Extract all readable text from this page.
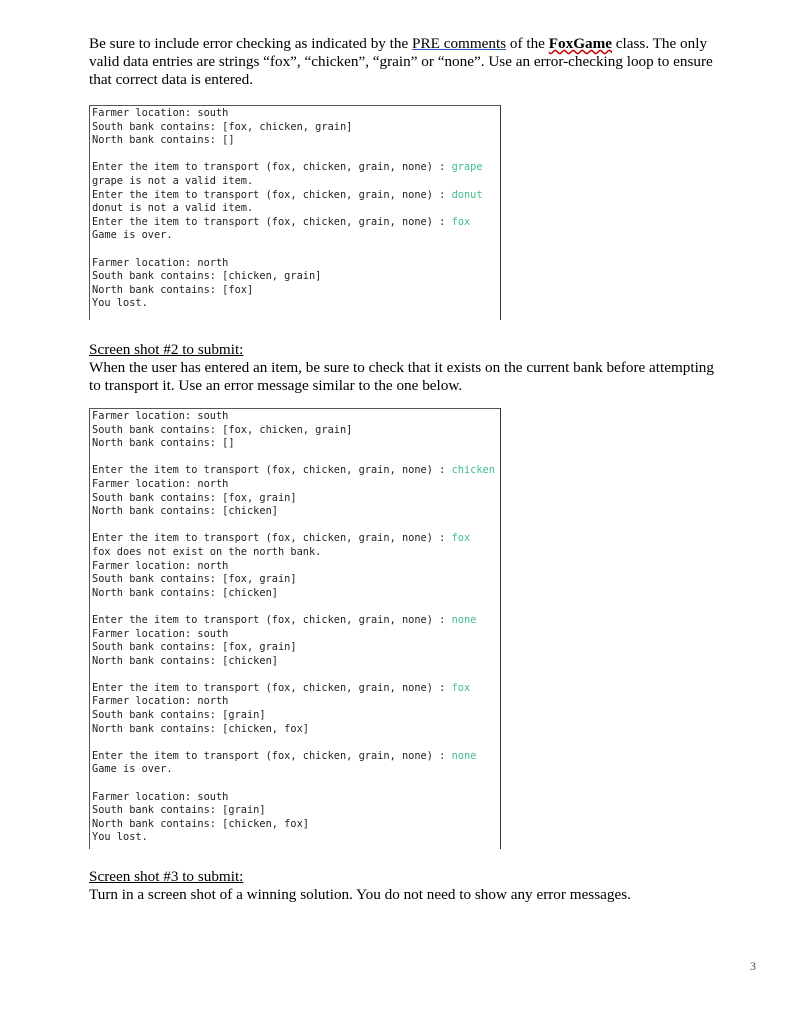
Be sure to include error checking as indicated by the PRE comments of the FoxGame class. The only
valid data entries are strings “fox”, “chicken”, “grain” or “none”. Use an error-checking loop to ensure
that correct data is entered.
Farmer location: south
South bank contains: [fox, chicken, grain]
North bank contains: []
Enter the item to transport (fox, chicken, grain, none) : grape
grape is not a valid item.
Enter the item to transport (fox, chicken, grain, none) : donut
donut is not a valid item.
Enter the item to transport (fox, chicken, grain, none) : fox
Game is over.
Farmer location: north
South bank contains: [chicken, grain]
North bank contains: [fox]
You lost.
Screen shot #2 to submit:
When the user has entered an item, be sure to check that it exists on the current bank before attempting
to transport it. Use an error message similar to the one below.
Farmer location: south
South bank contains: [fox, chicken, grain]
North bank contains: []
Enter the item to transport (fox, chicken, grain, none) : chicken
Farmer location: north
South bank contains: [fox, grain]
North bank contains: [chicken]
Enter the item to transport (fox, chicken, grain, none) : fox
fox does not exist on the north bank.
Farmer location: north
South bank contains: [fox, grain]
North bank contains: [chicken]
Enter the item to transport (fox, chicken, grain, none) : none
Farmer location: south
South bank contains: [fox, grain]
North bank contains: [chicken]
Enter the item to transport (fox, chicken, grain, none) : fox
Farmer location: north
South bank contains: [grain]
North bank contains: [chicken, fox]
Enter the item to transport (fox, chicken, grain, none) : none
Game is over.
Farmer location: south
South bank contains: [grain]
North bank contains: [chicken, fox]
You lost.
Screen shot #3 to submit:
Turn in a screen shot of a winning solution. You do not need to show any error messages.
3
